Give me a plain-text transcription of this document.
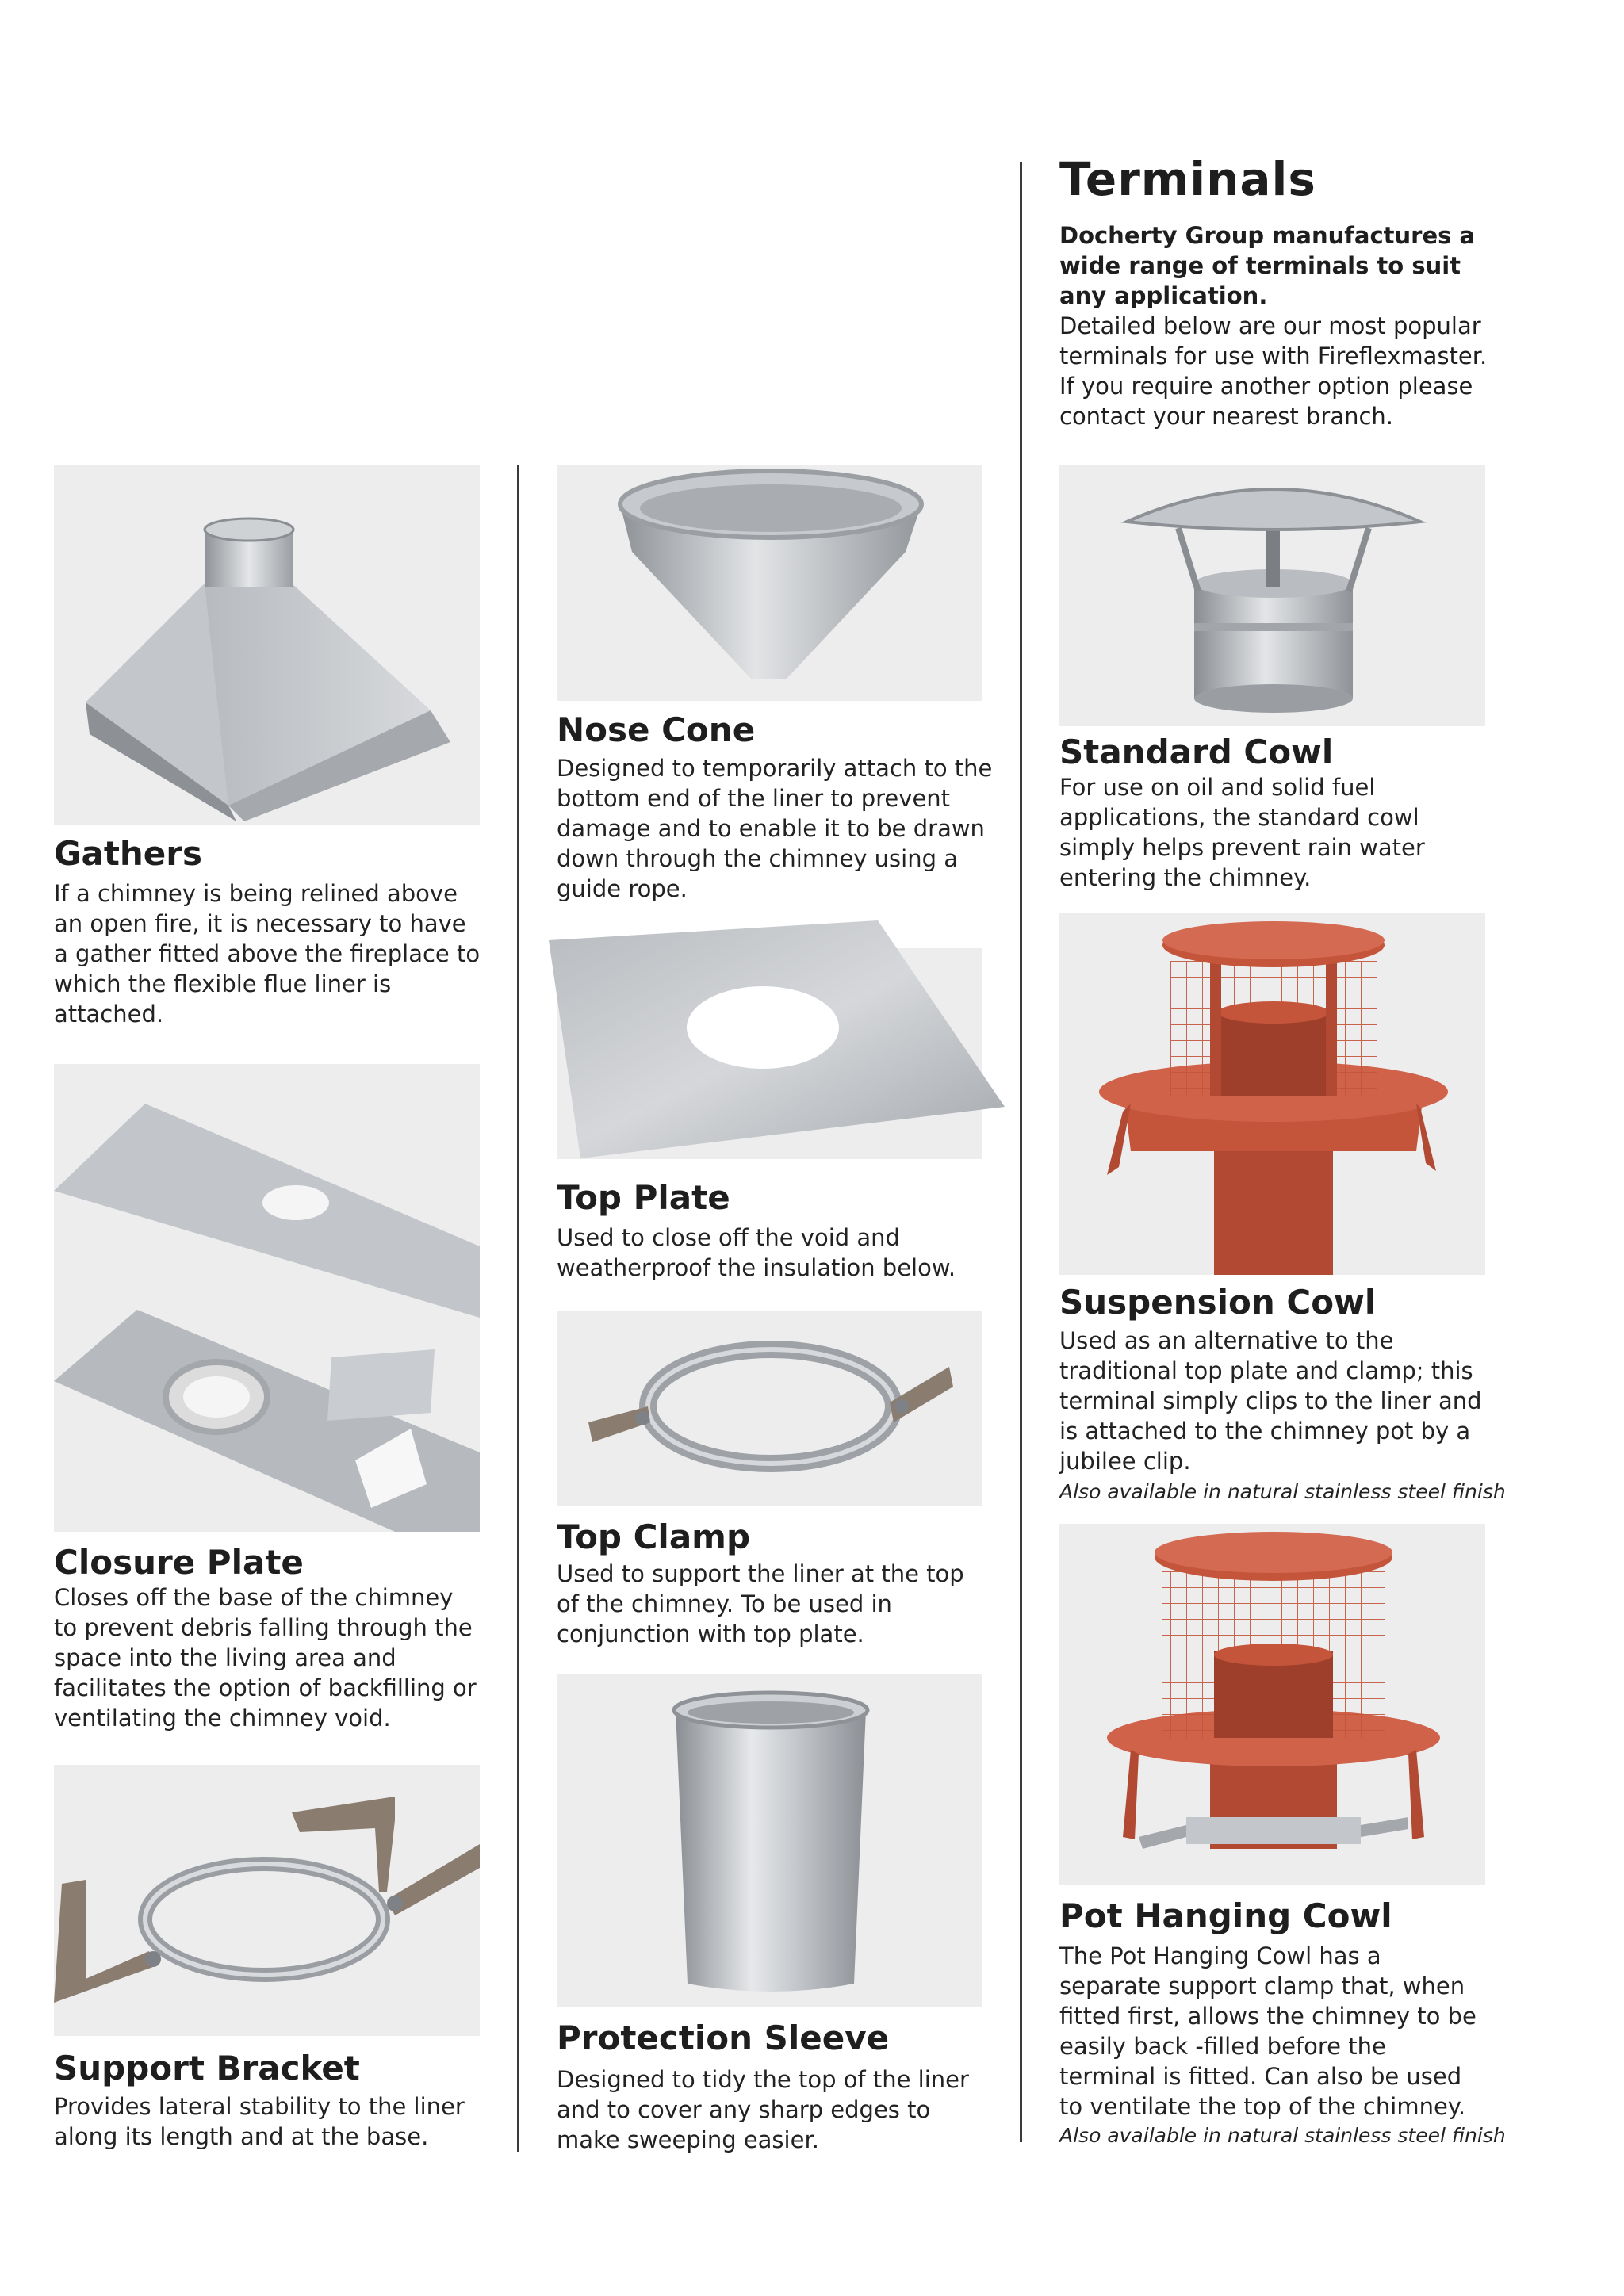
Terminals

Docherty Group manufactures a wide range of terminals to suit any application.

Detailed below are our most popular terminals for use with Fireflexmaster. If you require another option please contact your nearest branch.

Gathers

If a chimney is being relined above an open fire, it is necessary to have a gather fitted above the fireplace to which the flexible flue liner is attached.

Closure Plate

Closes off the base of the chimney to prevent debris falling through the space into the living area and facilitates the option of backfilling or ventilating the chimney void.

Support Bracket

Provides lateral stability to the liner along its length and at the base.

Nose Cone

Designed to temporarily attach to the bottom end of the liner to prevent damage and to enable it to be drawn down through the chimney using a guide rope.

Top Plate

Used to close off the void and weatherproof the insulation below.

Top Clamp

Used to support the liner at the top of the chimney. To be used in conjunction with top plate.

Protection Sleeve

Designed to tidy the top of the liner and to cover any sharp edges to make sweeping easier.

Standard Cowl

For use on oil and solid fuel applications, the standard cowl simply helps prevent rain water entering the chimney.

Suspension Cowl

Used as an alternative to the traditional top plate and clamp; this terminal simply clips to the liner and is attached to the chimney pot by a jubilee clip.

Also available in natural stainless steel finish

Pot Hanging Cowl

The Pot Hanging Cowl has a separate support clamp that, when fitted first, allows the chimney to be easily back -filled before the terminal is fitted. Can also be used to ventilate the top of the chimney.

Also available in natural stainless steel finish
